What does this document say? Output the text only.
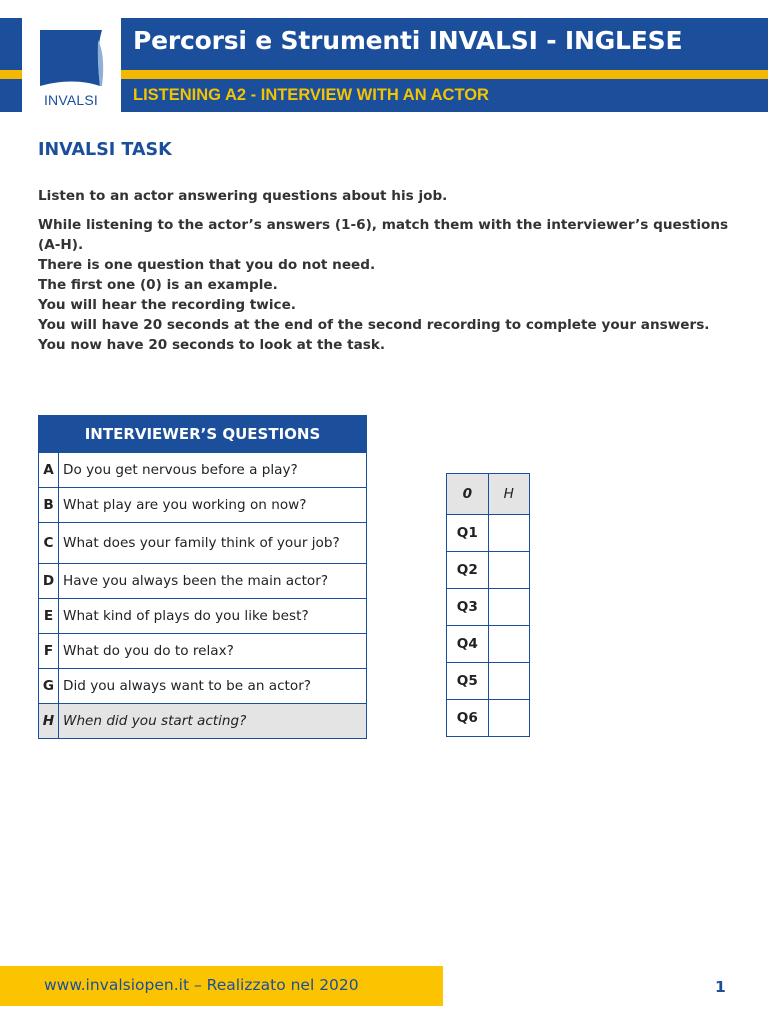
INVALSI
Percorsi e Strumenti INVALSI - INGLESE
LISTENING A2 - INTERVIEW WITH AN ACTOR
INVALSI TASK
Listen to an actor answering questions about his job.
While listening to the actor’s answers (1-6), match them with the interviewer’s questions (A-H).
There is one question that you do not need.
The first one (0) is an example.
You will hear the recording twice.
You will have 20 seconds at the end of the second recording to complete your answers.
You now have 20 seconds to look at the task.
INTERVIEWER’S QUESTIONS	
A	Do you get nervous before a play?
B	What play are you working on now?
C	What does your family think of your job?
D	Have you always been the main actor?
E	What kind of plays do you like best?
F	What do you do to relax?
G	Did you always want to be an actor?
H	When did you start acting?
0	H
Q1	
Q2	
Q3	
Q4	
Q5	
Q6	
www.invalsiopen.it – Realizzato nel 2020	1
